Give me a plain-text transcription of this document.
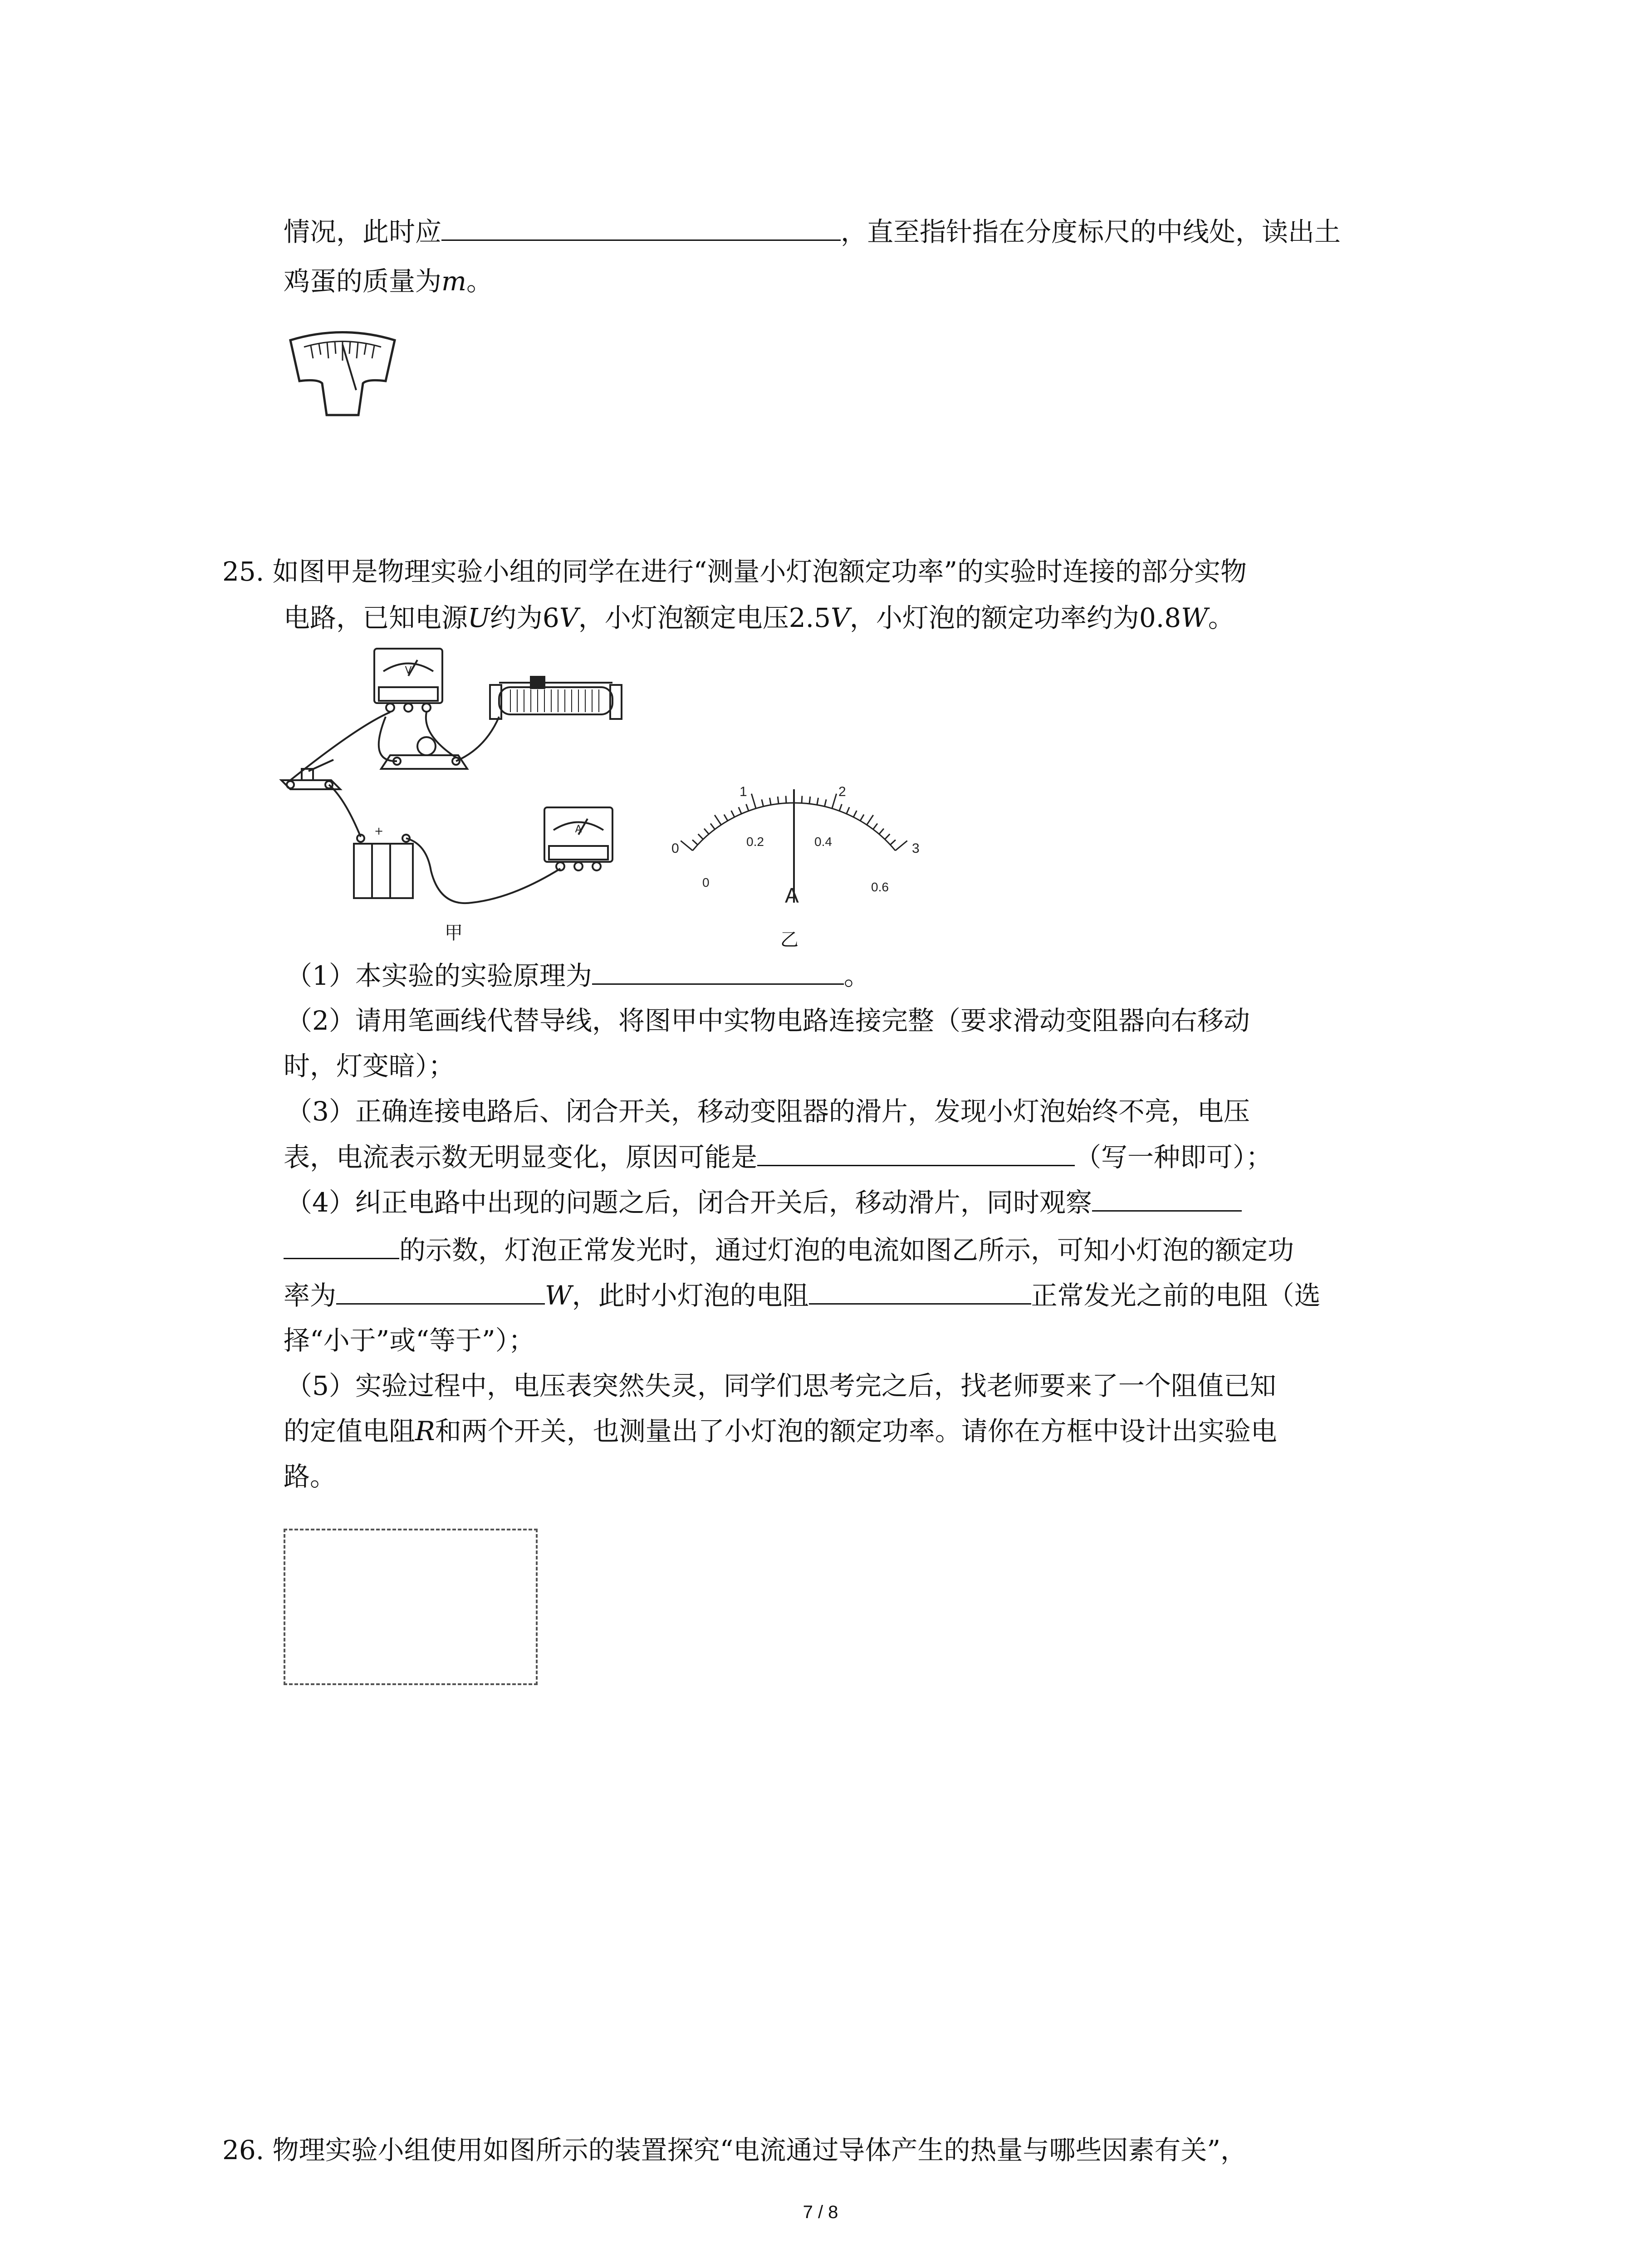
情况，此时应	，直至指针指在分度标尺的中线处，读出土
鸡蛋的质量为m。
25. 如图甲是物理实验小组的同学在进行“测量小灯泡额定功率”的实验时连接的部分实物
电路，已知电源U约为6V，小灯泡额定电压2.5V，小灯泡的额定功率约为0.8W。
V
A
+
甲
0
1	2
3
0
0.2	0.4
0.6
A
乙
（1）本实验的实验原理为	。
（2）请用笔画线代替导线，将图甲中实物电路连接完整（要求滑动变阻器向右移动
时，灯变暗）；
（3）正确连接电路后、闭合开关，移动变阻器的滑片，发现小灯泡始终不亮，电压
表，电流表示数无明显变化，原因可能是	（写一种即可）；
（4）纠正电路中出现的问题之后，闭合开关后，移动滑片，同时观察
的示数，灯泡正常发光时，通过灯泡的电流如图乙所示，可知小灯泡的额定功
率为	W，此时小灯泡的电阻	正常发光之前的电阻（选
择“小于”或“等于”）；
（5）实验过程中，电压表突然失灵，同学们思考完之后，找老师要来了一个阻值已知
的定值电阻R和两个开关，也测量出了小灯泡的额定功率。请你在方框中设计出实验电
路。
26. 物理实验小组使用如图所示的装置探究“电流通过导体产生的热量与哪些因素有关”，
7 / 8
